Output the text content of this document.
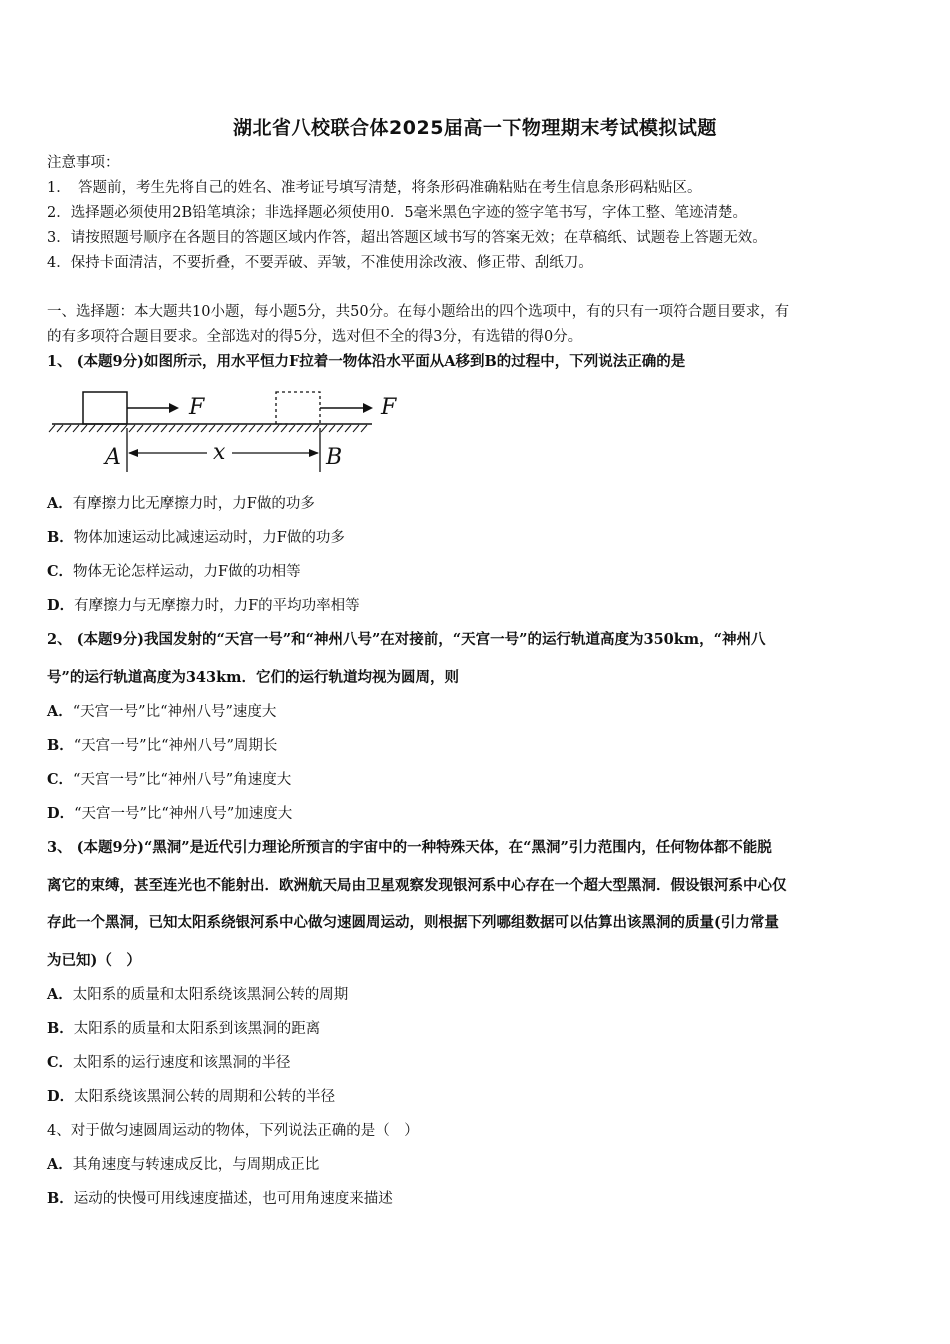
湖北省八校联合体2025届高一下物理期末考试模拟试题
注意事项：
1．　答题前，考生先将自己的姓名、准考证号填写清楚，将条形码准确粘贴在考生信息条形码粘贴区。
2．选择题必须使用2B铅笔填涂；非选择题必须使用0．5毫米黑色字迹的签字笔书写，字体工整、笔迹清楚。
3．请按照题号顺序在各题目的答题区域内作答，超出答题区域书写的答案无效；在草稿纸、试题卷上答题无效。
4．保持卡面清洁，不要折叠，不要弄破、弄皱，不准使用涂改液、修正带、刮纸刀。
一、选择题：本大题共10小题，每小题5分，共50分。在每小题给出的四个选项中，有的只有一项符合题目要求，有
的有多项符合题目要求。全部选对的得5分，选对但不全的得3分，有选错的得0分。
1、 (本题9分)如图所示，用水平恒力F拉着一物体沿水平面从A移到B的过程中，下列说法正确的是
F	F
A	B
x
A．有摩擦力比无摩擦力时，力F做的功多
B．物体加速运动比减速运动时，力F做的功多
C．物体无论怎样运动，力F做的功相等
D．有摩擦力与无摩擦力时，力F的平均功率相等
2、 (本题9分)我国发射的“天宫一号”和“神州八号”在对接前，“天宫一号”的运行轨道高度为350km，“神州八
号”的运行轨道高度为343km．它们的运行轨道均视为圆周，则
A．“天宫一号”比“神州八号”速度大
B．“天宫一号”比“神州八号”周期长
C．“天宫一号”比“神州八号”角速度大
D．“天宫一号”比“神州八号”加速度大
3、 (本题9分)“黑洞”是近代引力理论所预言的宇宙中的一种特殊天体，在“黑洞”引力范围内，任何物体都不能脱
离它的束缚，甚至连光也不能射出．欧洲航天局由卫星观察发现银河系中心存在一个超大型黑洞．假设银河系中心仅
存此一个黑洞，已知太阳系绕银河系中心做匀速圆周运动，则根据下列哪组数据可以估算出该黑洞的质量(引力常量
为已知)（　）
A．太阳系的质量和太阳系绕该黑洞公转的周期
B．太阳系的质量和太阳系到该黑洞的距离
C．太阳系的运行速度和该黑洞的半径
D．太阳系绕该黑洞公转的周期和公转的半径
4、对于做匀速圆周运动的物体，下列说法正确的是（　）
A．其角速度与转速成反比，与周期成正比
B．运动的快慢可用线速度描述，也可用角速度来描述
